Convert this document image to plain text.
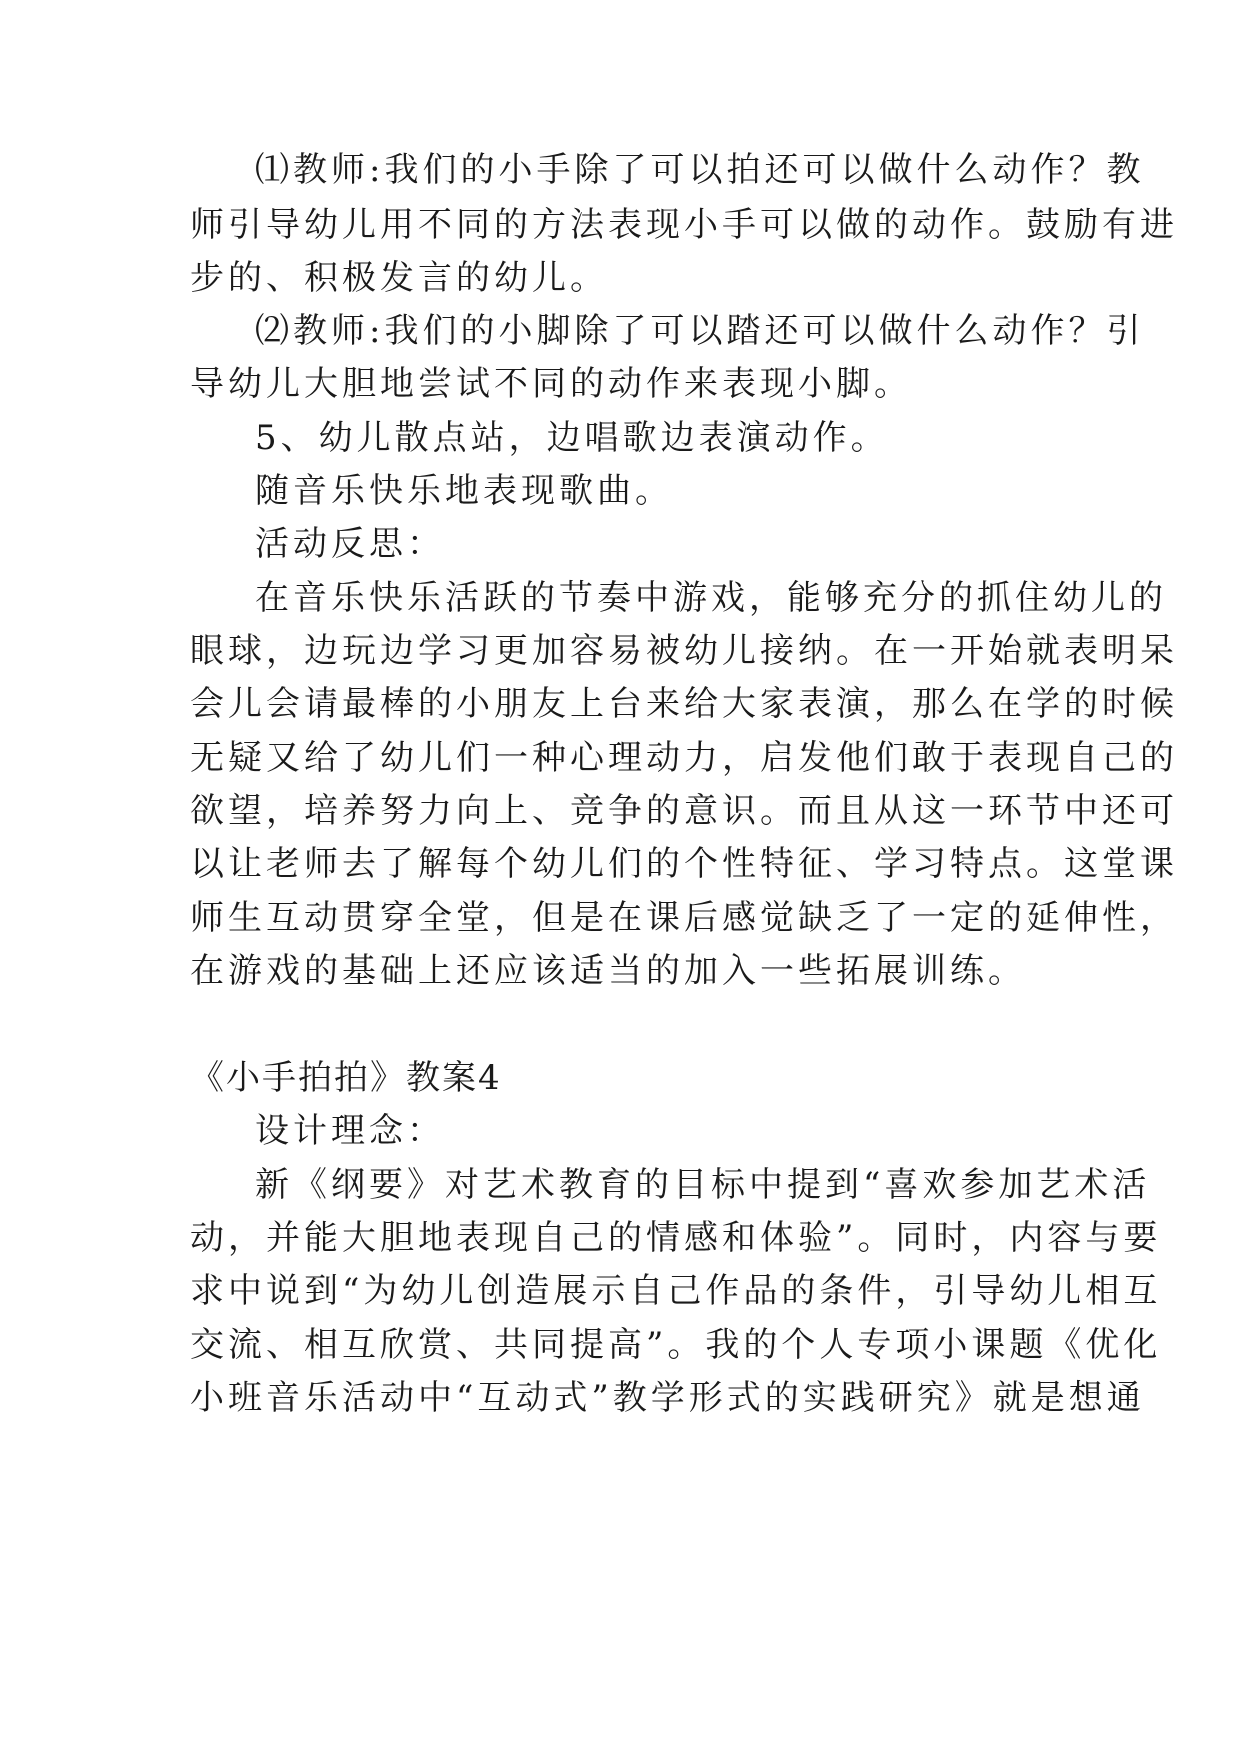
⑴教师:我们的小手除了可以拍还可以做什么动作？教
师引导幼儿用不同的方法表现小手可以做的动作。鼓励有进
步的、积极发言的幼儿。
⑵教师:我们的小脚除了可以踏还可以做什么动作？引
导幼儿大胆地尝试不同的动作来表现小脚。
5、幼儿散点站，边唱歌边表演动作。
随音乐快乐地表现歌曲。
活动反思：
在音乐快乐活跃的节奏中游戏，能够充分的抓住幼儿的
眼球，边玩边学习更加容易被幼儿接纳。在一开始就表明呆
会儿会请最棒的小朋友上台来给大家表演，那么在学的时候
无疑又给了幼儿们一种心理动力，启发他们敢于表现自己的
欲望，培养努力向上、竞争的意识。而且从这一环节中还可
以让老师去了解每个幼儿们的个性特征、学习特点。这堂课
师生互动贯穿全堂，但是在课后感觉缺乏了一定的延伸性，
在游戏的基础上还应该适当的加入一些拓展训练。
《小手拍拍》教案4
设计理念：
新《纲要》对艺术教育的目标中提到“喜欢参加艺术活
动，并能大胆地表现自己的情感和体验”。同时，内容与要
求中说到“为幼儿创造展示自己作品的条件，引导幼儿相互
交流、相互欣赏、共同提高”。我的个人专项小课题《优化
小班音乐活动中“互动式”教学形式的实践研究》就是想通
